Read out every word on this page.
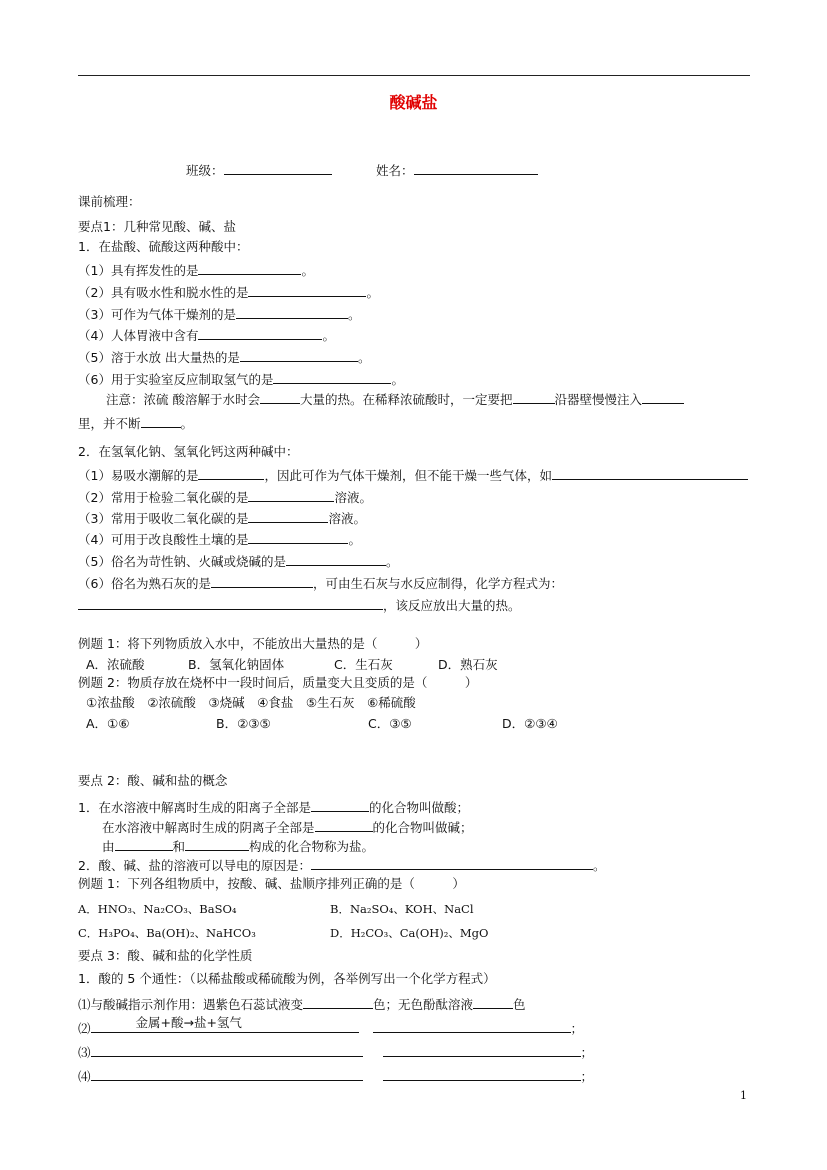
酸碱盐
班级：	姓名：
课前梳理：
要点1：几种常见酸、碱、盐
1．在盐酸、硫酸这两种酸中：
（1）具有挥发性的是	。
（2）具有吸水性和脱水性的是	。
（3）可作为气体干燥剂的是	。
（4）人体胃液中含有	。
（5）溶于水放 出大量热的是	。
（6）用于实验室反应制取氢气的是	。
注意：浓硫 酸溶解于水时会	大量的热。在稀释浓硫酸时，一定要把	沿器壁慢慢注入
里，并不断	。
2．在氢氧化钠、氢氧化钙这两种碱中：
（1）易吸水潮解的是	，因此可作为气体干燥剂，但不能干燥一些气体，如
（2）常用于检验二氧化碳的是	溶液。
（3）常用于吸收二氧化碳的是	溶液。
（4）可用于改良酸性土壤的是	。
（5）俗名为苛性钠、火碱或烧碱的是	。
（6）俗名为熟石灰的是	，可由生石灰与水反应制得，化学方程式为：
，该反应放出大量的热。
例题 1：将下列物质放入水中，不能放出大量热的是（　　　）
A．浓硫酸	B．氢氧化钠固体	C．生石灰	D．熟石灰
例题 2：物质存放在烧杯中一段时间后，质量变大且变质的是（　　　）
①浓盐酸　②浓硫酸　③烧碱　④食盐　⑤生石灰　⑥稀硫酸
A．①⑥	B．②③⑤	C．③⑤	D．②③④
要点 2：酸、碱和盐的概念
1．在水溶液中解离时生成的阳离子全部是	的化合物叫做酸；
在水溶液中解离时生成的阴离子全部是	的化合物叫做碱；
由	和	构成的化合物称为盐。
2．酸、碱、盐的溶液可以导电的原因是：	。
例题 1：下列各组物质中，按酸、碱、盐顺序排列正确的是（　　　）
A．HNO₃、Na₂CO₃、BaSO₄	B．Na₂SO₄、KOH、NaCl
C．H₃PO₄、Ba(OH)₂、NaHCO₃	D．H₂CO₃、Ca(OH)₂、MgO
要点 3：酸、碱和盐的化学性质
1．酸的 5 个通性：（以稀盐酸或稀硫酸为例，各举例写出一个化学方程式）
⑴与酸碱指示剂作用：遇紫色石蕊试液变	色；无色酚酞溶液	色
⑵	金属+酸→盐+氢气	；
⑶	；
⑷	；
1
